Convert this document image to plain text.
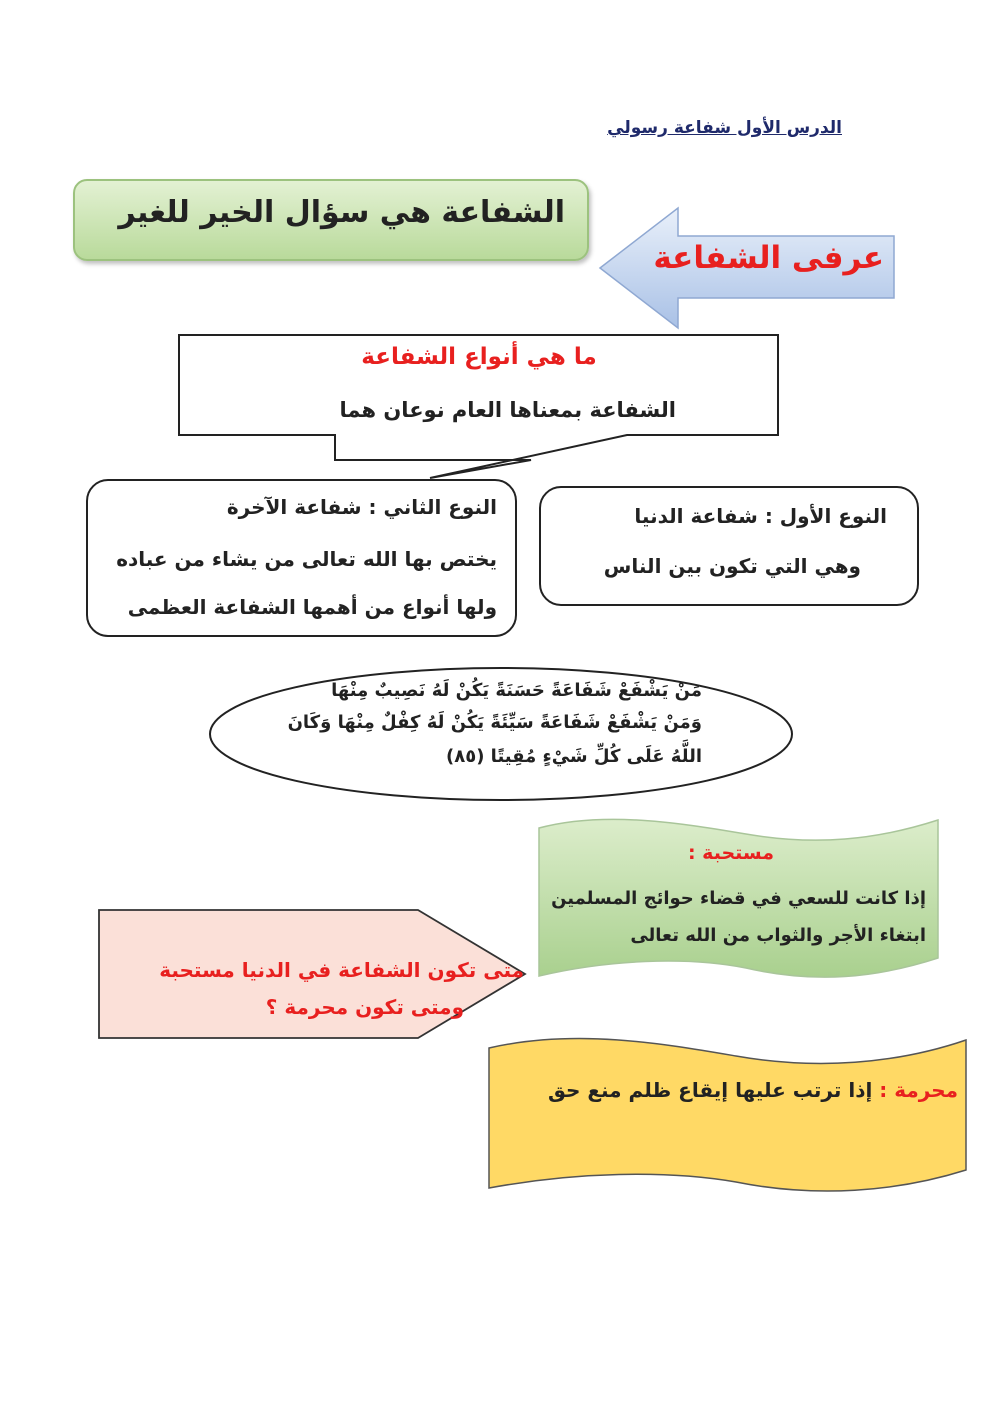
الدرس الأول شفاعة رسولي
الشفاعة هي سؤال الخير للغير
عرفى الشفاعة
ما هي أنواع الشفاعة
الشفاعة بمعناها العام نوعان هما
النوع الثاني : شفاعة الآخرة
يختص بها الله تعالى من يشاء من عباده
ولها أنواع من أهمها الشفاعة العظمى
النوع الأول : شفاعة الدنيا
وهي التي تكون بين الناس
مَنْ يَشْفَعْ شَفَاعَةً حَسَنَةً يَكُنْ لَهُ نَصِيبٌ مِنْهَا
وَمَنْ يَشْفَعْ شَفَاعَةً سَيِّئَةً يَكُنْ لَهُ كِفْلٌ مِنْهَا وَكَانَ
اللَّهُ عَلَى كُلِّ شَيْءٍ مُقِيتًا (٨٥)
مستحبة :
إذا كانت للسعي في قضاء حوائج المسلمين
ابتغاء الأجر والثواب من الله تعالى
متى تكون الشفاعة في الدنيا مستحبة
ومتى تكون محرمة ؟
محرمة : إذا ترتب عليها إيقاع ظلم منع حق
